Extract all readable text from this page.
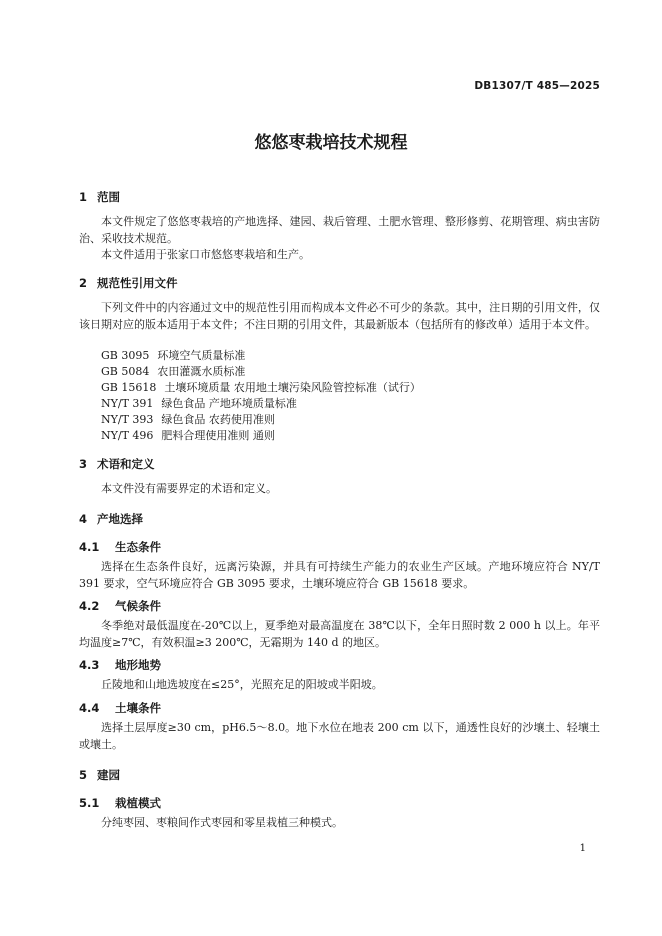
DB1307/T 485—2025
悠悠枣栽培技术规程
1 范围
本文件规定了悠悠枣栽培的产地选择、建园、栽后管理、土肥水管理、整形修剪、花期管理、病虫害防治、采收技术规范。
本文件适用于张家口市悠悠枣栽培和生产。
2 规范性引用文件
下列文件中的内容通过文中的规范性引用而构成本文件必不可少的条款。其中，注日期的引用文件，仅该日期对应的版本适用于本文件；不注日期的引用文件，其最新版本（包括所有的修改单）适用于本文件。
GB 3095 环境空气质量标准
GB 5084 农田灌溉水质标准
GB 15618 土壤环境质量 农用地土壤污染风险管控标准（试行）
NY/T 391 绿色食品 产地环境质量标准
NY/T 393 绿色食品 农药使用准则
NY/T 496 肥料合理使用准则 通则
3 术语和定义
本文件没有需要界定的术语和定义。
4 产地选择
4.1 生态条件
选择在生态条件良好，远离污染源，并具有可持续生产能力的农业生产区域。产地环境应符合 NY/T 391 要求，空气环境应符合 GB 3095 要求，土壤环境应符合 GB 15618 要求。
4.2 气候条件
冬季绝对最低温度在-20℃以上，夏季绝对最高温度在 38℃以下，全年日照时数 2 000 h 以上。年平均温度≥7℃，有效积温≥3 200℃，无霜期为 140 d 的地区。
4.3 地形地势
丘陵地和山地选坡度在≤25°，光照充足的阳坡或半阳坡。
4.4 土壤条件
选择土层厚度≥30 cm，pH6.5～8.0。地下水位在地表 200 cm 以下，通透性良好的沙壤土、轻壤土或壤土。
5 建园
5.1 栽植模式
分纯枣园、枣粮间作式枣园和零星栽植三种模式。
1
